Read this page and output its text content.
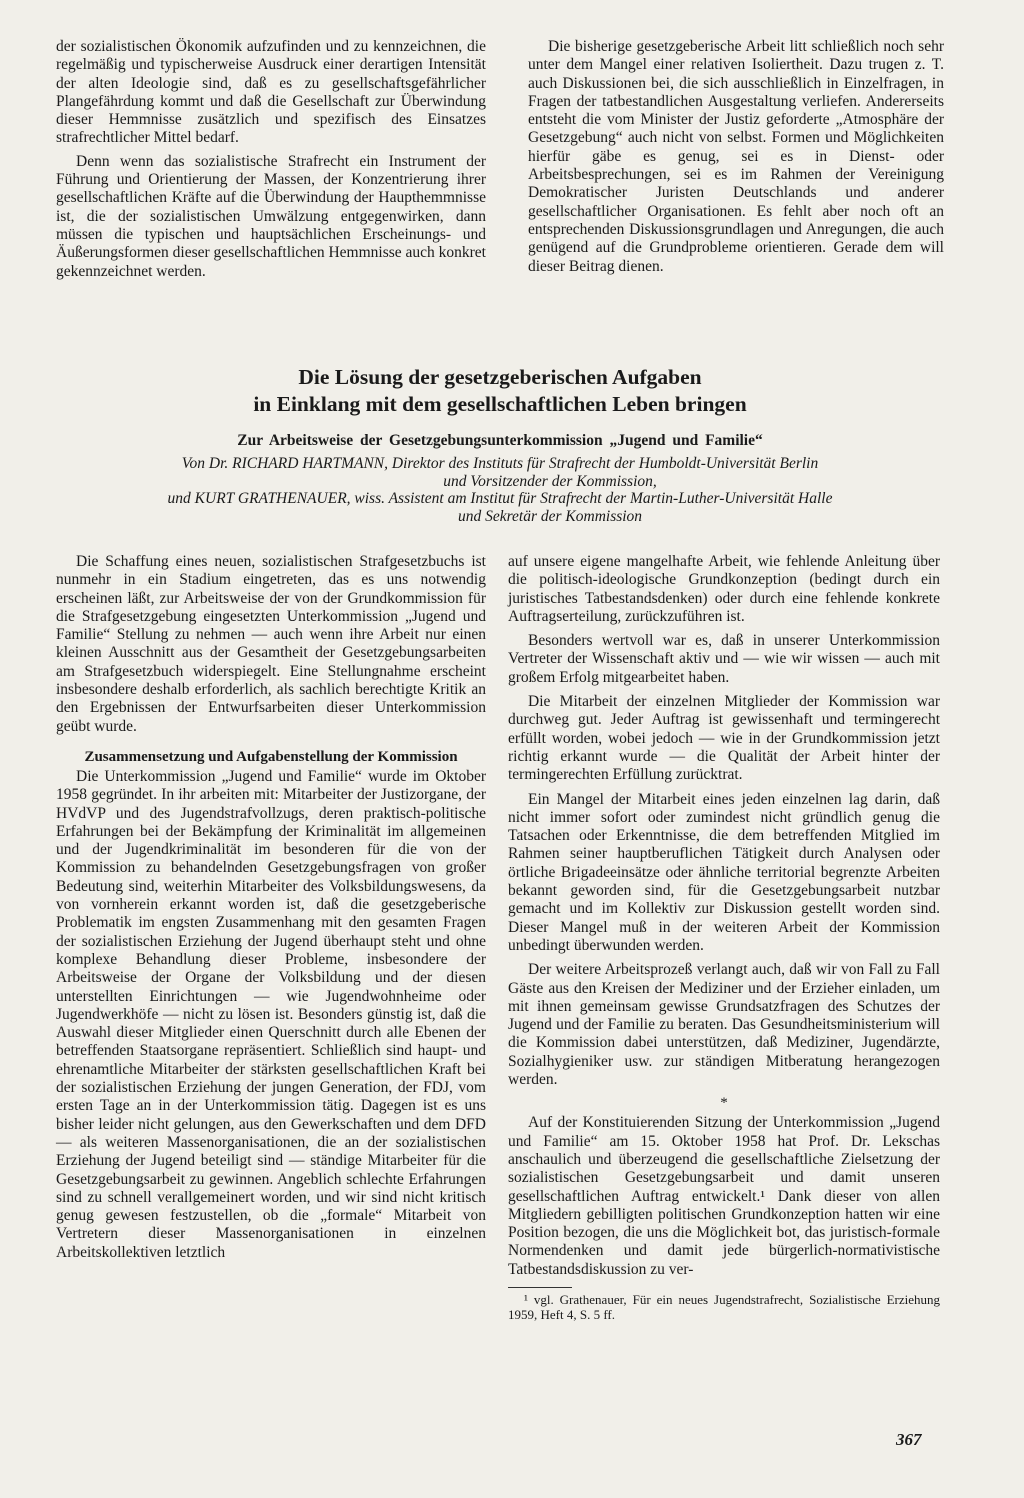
der sozialistischen Ökonomik aufzufinden und zu kennzeichnen, die regelmäßig und typischerweise Ausdruck einer derartigen Intensität der alten Ideologie sind, daß es zu gesellschaftsgefährlicher Plangefährdung kommt und daß die Gesellschaft zur Überwindung dieser Hemmnisse zusätzlich und spezifisch des Einsatzes strafrechtlicher Mittel bedarf.

Denn wenn das sozialistische Strafrecht ein Instrument der Führung und Orientierung der Massen, der Konzentrierung ihrer gesellschaftlichen Kräfte auf die Überwindung der Haupthemmnisse ist, die der sozialistischen Umwälzung entgegenwirken, dann müssen die typischen und hauptsächlichen Erscheinungs- und Äußerungsformen dieser gesellschaftlichen Hemmnisse auch konkret gekennzeichnet werden.

Die bisherige gesetzgeberische Arbeit litt schließlich noch sehr unter dem Mangel einer relativen Isoliertheit. Dazu trugen z. T. auch Diskussionen bei, die sich ausschließlich in Einzelfragen, in Fragen der tatbestandlichen Ausgestaltung verliefen. Andererseits entsteht die vom Minister der Justiz geforderte „Atmosphäre der Gesetzgebung“ auch nicht von selbst. Formen und Möglichkeiten hierfür gäbe es genug, sei es in Dienst- oder Arbeitsbesprechungen, sei es im Rahmen der Vereinigung Demokratischer Juristen Deutschlands und anderer gesellschaftlicher Organisationen. Es fehlt aber noch oft an entsprechenden Diskussionsgrundlagen und Anregungen, die auch genügend auf die Grundprobleme orientieren. Gerade dem will dieser Beitrag dienen.

Die Lösung der gesetzgeberischen Aufgaben
in Einklang mit dem gesellschaftlichen Leben bringen
Zur Arbeitsweise der Gesetzgebungsunterkommission „Jugend und Familie“
Von Dr. RICHARD HARTMANN, Direktor des Instituts für Strafrecht der Humboldt-Universität Berlin
und Vorsitzender der Kommission,
und KURT GRATHENAUER, wiss. Assistent am Institut für Strafrecht der Martin-Luther-Universität Halle
und Sekretär der Kommission

Die Schaffung eines neuen, sozialistischen Strafgesetzbuchs ist nunmehr in ein Stadium eingetreten, das es uns notwendig erscheinen läßt, zur Arbeitsweise der von der Grundkommission für die Strafgesetzgebung eingesetzten Unterkommission „Jugend und Familie“ Stellung zu nehmen — auch wenn ihre Arbeit nur einen kleinen Ausschnitt aus der Gesamtheit der Gesetzgebungsarbeiten am Strafgesetzbuch widerspiegelt. Eine Stellungnahme erscheint insbesondere deshalb erforderlich, als sachlich berechtigte Kritik an den Ergebnissen der Entwurfsarbeiten dieser Unterkommission geübt wurde.

Zusammensetzung und Aufgabenstellung der Kommission

Die Unterkommission „Jugend und Familie“ wurde im Oktober 1958 gegründet. In ihr arbeiten mit: Mitarbeiter der Justizorgane, der HVdVP und des Jugendstrafvollzugs, deren praktisch-politische Erfahrungen bei der Bekämpfung der Kriminalität im allgemeinen und der Jugendkriminalität im besonderen für die von der Kommission zu behandelnden Gesetzgebungsfragen von großer Bedeutung sind, weiterhin Mitarbeiter des Volksbildungswesens, da von vornherein erkannt worden ist, daß die gesetzgeberische Problematik im engsten Zusammenhang mit den gesamten Fragen der sozialistischen Erziehung der Jugend überhaupt steht und ohne komplexe Behandlung dieser Probleme, insbesondere der Arbeitsweise der Organe der Volksbildung und der diesen unterstellten Einrichtungen — wie Jugendwohnheime oder Jugendwerkhöfe — nicht zu lösen ist. Besonders günstig ist, daß die Auswahl dieser Mitglieder einen Querschnitt durch alle Ebenen der betreffenden Staatsorgane repräsentiert. Schließlich sind haupt- und ehrenamtliche Mitarbeiter der stärksten gesellschaftlichen Kraft bei der sozialistischen Erziehung der jungen Generation, der FDJ, vom ersten Tage an in der Unterkommission tätig. Dagegen ist es uns bisher leider nicht gelungen, aus den Gewerkschaften und dem DFD — als weiteren Massenorganisationen, die an der sozialistischen Erziehung der Jugend beteiligt sind — ständige Mitarbeiter für die Gesetzgebungsarbeit zu gewinnen. Angeblich schlechte Erfahrungen sind zu schnell verallgemeinert worden, und wir sind nicht kritisch genug gewesen festzustellen, ob die „formale“ Mitarbeit von Vertretern dieser Massenorganisationen in einzelnen Arbeitskollektiven letztlich

auf unsere eigene mangelhafte Arbeit, wie fehlende Anleitung über die politisch-ideologische Grundkonzeption (bedingt durch ein juristisches Tatbestandsdenken) oder durch eine fehlende konkrete Auftragserteilung, zurückzuführen ist.

Besonders wertvoll war es, daß in unserer Unterkommission Vertreter der Wissenschaft aktiv und — wie wir wissen — auch mit großem Erfolg mitgearbeitet haben.

Die Mitarbeit der einzelnen Mitglieder der Kommission war durchweg gut. Jeder Auftrag ist gewissenhaft und termingerecht erfüllt worden, wobei jedoch — wie in der Grundkommission jetzt richtig erkannt wurde — die Qualität der Arbeit hinter der termingerechten Erfüllung zurücktrat.

Ein Mangel der Mitarbeit eines jeden einzelnen lag darin, daß nicht immer sofort oder zumindest nicht gründlich genug die Tatsachen oder Erkenntnisse, die dem betreffenden Mitglied im Rahmen seiner hauptberuflichen Tätigkeit durch Analysen oder örtliche Brigadeeinsätze oder ähnliche territorial begrenzte Arbeiten bekannt geworden sind, für die Gesetzgebungsarbeit nutzbar gemacht und im Kollektiv zur Diskussion gestellt worden sind. Dieser Mangel muß in der weiteren Arbeit der Kommission unbedingt überwunden werden.

Der weitere Arbeitsprozeß verlangt auch, daß wir von Fall zu Fall Gäste aus den Kreisen der Mediziner und der Erzieher einladen, um mit ihnen gemeinsam gewisse Grundsatzfragen des Schutzes der Jugend und der Familie zu beraten. Das Gesundheitsministerium will die Kommission dabei unterstützen, daß Mediziner, Jugendärzte, Sozialhygieniker usw. zur ständigen Mitberatung herangezogen werden.

*

Auf der Konstituierenden Sitzung der Unterkommission „Jugend und Familie“ am 15. Oktober 1958 hat Prof. Dr. Lekschas anschaulich und überzeugend die gesellschaftliche Zielsetzung der sozialistischen Gesetzgebungsarbeit und damit unseren gesellschaftlichen Auftrag entwickelt.¹ Dank dieser von allen Mitgliedern gebilligten politischen Grundkonzeption hatten wir eine Position bezogen, die uns die Möglichkeit bot, das juristisch-formale Normendenken und damit jede bürgerlich-normativistische Tatbestandsdiskussion zu ver-

¹ vgl. Grathenauer, Für ein neues Jugendstrafrecht, Sozialistische Erziehung 1959, Heft 4, S. 5 ff.
367
